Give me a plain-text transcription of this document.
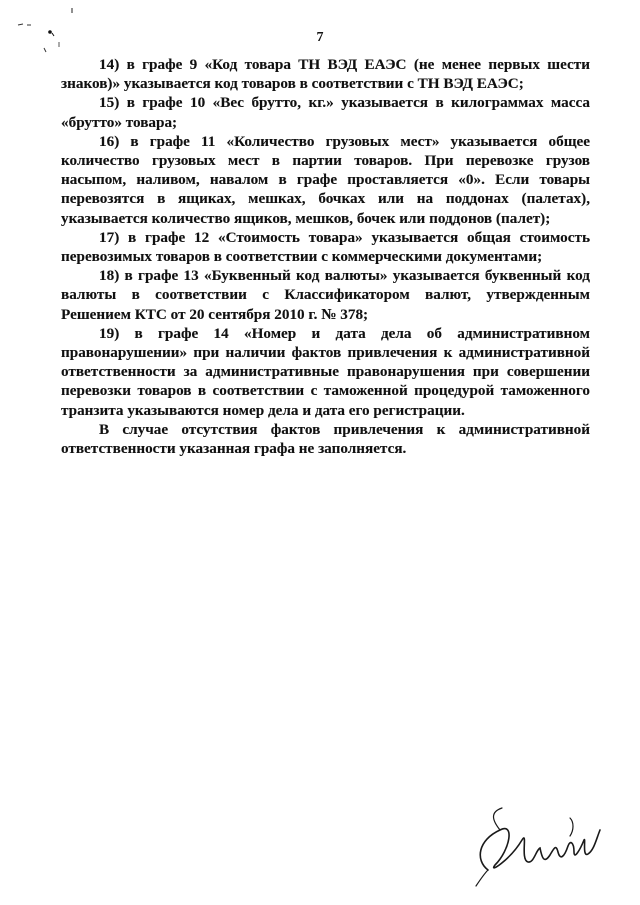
7

14) в графе 9 «Код товара ТН ВЭД ЕАЭС (не менее первых шести знаков)» указывается код товаров в соответствии с ТН ВЭД ЕАЭС;

15) в графе 10 «Вес брутто, кг.» указывается в килограммах масса «брутто» товара;

16) в графе 11 «Количество грузовых мест» указывается общее количество грузовых мест в партии товаров. При перевозке грузов насыпом, наливом, навалом в графе проставляется «0». Если товары перевозятся в ящиках, мешках, бочках или на поддонах (палетах), указывается количество ящиков, мешков, бочек или поддонов (палет);

17) в графе 12 «Стоимость товара» указывается общая стоимость перевозимых товаров в соответствии с коммерческими документами;

18) в графе 13 «Буквенный код валюты» указывается буквенный код валюты в соответствии с Классификатором валют, утвержденным Решением КТС от 20 сентября 2010 г. № 378;

19) в графе 14 «Номер и дата дела об административном правонарушении» при наличии фактов привлечения к административной ответственности за административные правонарушения при совершении перевозки товаров в соответствии с таможенной процедурой таможенного транзита указываются номер дела и дата его регистрации.

В случае отсутствия фактов привлечения к административной ответственности указанная графа не заполняется.
